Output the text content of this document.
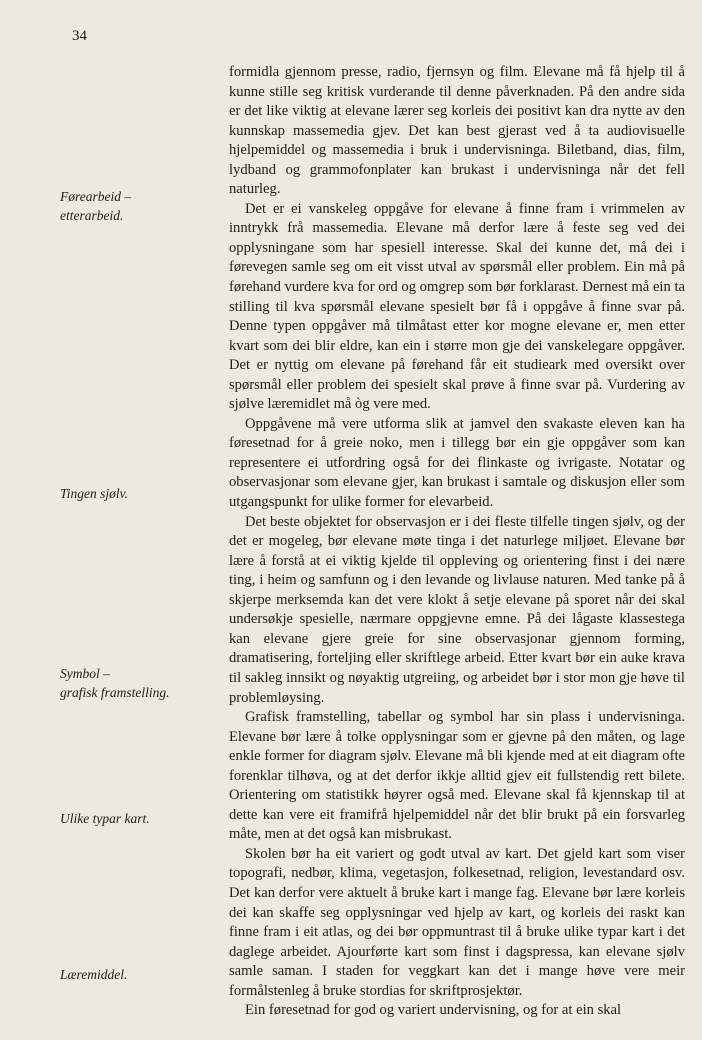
34
Førearbeid –
etterarbeid.
Tingen sjølv.
Symbol –
grafisk framstelling.
Ulike typar kart.
Læremiddel.

formidla gjennom presse, radio, fjernsyn og film. Elevane må få hjelp til å kunne stille seg kritisk vurderande til denne påverknaden. På den andre sida er det like viktig at elevane lærer seg korleis dei positivt kan dra nytte av den kunnskap massemedia gjev. Det kan best gjerast ved å ta audiovisuelle hjelpemiddel og massemedia i bruk i undervisninga. Biletband, dias, film, lydband og grammofonplater kan brukast i undervisninga når det fell naturleg.

Det er ei vanskeleg oppgåve for elevane å finne fram i vrimmelen av inntrykk frå massemedia. Elevane må derfor lære å feste seg ved dei opplysningane som har spesiell interesse. Skal dei kunne det, må dei i førevegen samle seg om eit visst utval av spørsmål eller problem. Ein må på førehand vurdere kva for ord og omgrep som bør forklarast. Dernest må ein ta stilling til kva spørsmål elevane spesielt bør få i oppgåve å finne svar på. Denne typen oppgåver må tilmåtast etter kor mogne elevane er, men etter kvart som dei blir eldre, kan ein i større mon gje dei vanskelegare oppgåver. Det er nyttig om elevane på førehand får eit studieark med oversikt over spørsmål eller problem dei spesielt skal prøve å finne svar på. Vurdering av sjølve læremidlet må òg vere med.

Oppgåvene må vere utforma slik at jamvel den svakaste eleven kan ha føresetnad for å greie noko, men i tillegg bør ein gje oppgåver som kan representere ei utfordring også for dei flinkaste og ivrigaste. Notatar og observasjonar som elevane gjer, kan brukast i samtale og diskusjon eller som utgangspunkt for ulike former for elevarbeid.

Det beste objektet for observasjon er i dei fleste tilfelle tingen sjølv, og der det er mogeleg, bør elevane møte tinga i det naturlege miljøet. Elevane bør lære å forstå at ei viktig kjelde til oppleving og orientering finst i dei nære ting, i heim og samfunn og i den levande og livlause naturen. Med tanke på å skjerpe merksemda kan det vere klokt å setje elevane på sporet når dei skal undersøkje spesielle, nærmare oppgjevne emne. På dei lågaste klassestega kan elevane gjere greie for sine observasjonar gjennom forming, dramatisering, forteljing eller skriftlege arbeid. Etter kvart bør ein auke krava til sakleg innsikt og nøyaktig utgreiing, og arbeidet bør i stor mon gje høve til problemløysing.

Grafisk framstelling, tabellar og symbol har sin plass i undervisninga. Elevane bør lære å tolke opplysningar som er gjevne på den måten, og lage enkle former for diagram sjølv. Elevane må bli kjende med at eit diagram ofte forenklar tilhøva, og at det derfor ikkje alltid gjev eit fullstendig rett bilete. Orientering om statistikk høyrer også med. Elevane skal få kjennskap til at dette kan vere eit framifrå hjelpemiddel når det blir brukt på ein forsvarleg måte, men at det også kan misbrukast.

Skolen bør ha eit variert og godt utval av kart. Det gjeld kart som viser topografi, nedbør, klima, vegetasjon, folkesetnad, religion, levestandard osv. Det kan derfor vere aktuelt å bruke kart i mange fag. Elevane bør lære korleis dei kan skaffe seg opplysningar ved hjelp av kart, og korleis dei raskt kan finne fram i eit atlas, og dei bør oppmuntrast til å bruke ulike typar kart i det daglege arbeidet. Ajourførte kart som finst i dagspressa, kan elevane sjølv samle saman. I staden for veggkart kan det i mange høve vere meir formålstenleg å bruke stordias for skriftprosjektør.

Ein føresetnad for god og variert undervisning, og for at ein skal
